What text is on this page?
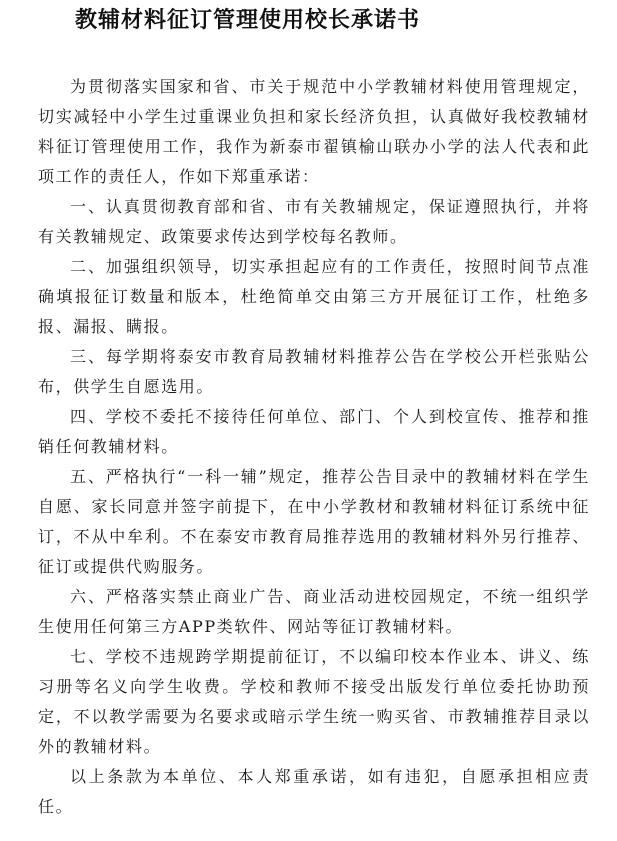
教辅材料征订管理使用校长承诺书

为贯彻落实国家和省、市关于规范中小学教辅材料使用管理规定，切实减轻中小学生过重课业负担和家长经济负担，认真做好我校教辅材料征订管理使用工作，我作为新泰市翟镇榆山联办小学的法人代表和此项工作的责任人，作如下郑重承诺：

一、认真贯彻教育部和省、市有关教辅规定，保证遵照执行，并将有关教辅规定、政策要求传达到学校每名教师。

二、加强组织领导，切实承担起应有的工作责任，按照时间节点准确填报征订数量和版本，杜绝简单交由第三方开展征订工作，杜绝多报、漏报、瞒报。

三、每学期将泰安市教育局教辅材料推荐公告在学校公开栏张贴公布，供学生自愿选用。

四、学校不委托不接待任何单位、部门、个人到校宣传、推荐和推销任何教辅材料。

五、严格执行“一科一辅”规定，推荐公告目录中的教辅材料在学生自愿、家长同意并签字前提下，在中小学教材和教辅材料征订系统中征订，不从中牟利。不在泰安市教育局推荐选用的教辅材料外另行推荐、征订或提供代购服务。

六、严格落实禁止商业广告、商业活动进校园规定，不统一组织学生使用任何第三方APP类软件、网站等征订教辅材料。

七、学校不违规跨学期提前征订，不以编印校本作业本、讲义、练习册等名义向学生收费。学校和教师不接受出版发行单位委托协助预定，不以教学需要为名要求或暗示学生统一购买省、市教辅推荐目录以外的教辅材料。

以上条款为本单位、本人郑重承诺，如有违犯，自愿承担相应责任。
